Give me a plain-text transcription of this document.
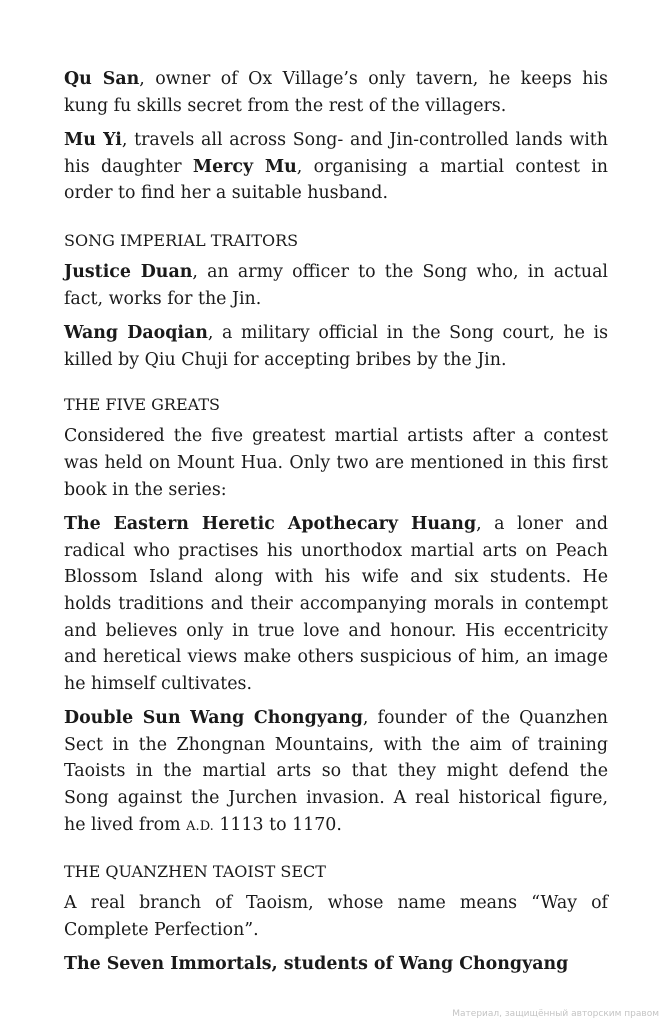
Qu San, owner of Ox Village’s only tavern, he keeps his kung fu skills secret from the rest of the villagers.

Mu Yi, travels all across Song- and Jin-controlled lands with his daughter Mercy Mu, organising a martial contest in order to find her a suitable husband.

SONG IMPERIAL TRAITORS

Justice Duan, an army officer to the Song who, in actual fact, works for the Jin.

Wang Daoqian, a military official in the Song court, he is killed by Qiu Chuji for accepting bribes by the Jin.

THE FIVE GREATS

Considered the five greatest martial artists after a contest was held on Mount Hua. Only two are mentioned in this first book in the series:

The Eastern Heretic Apothecary Huang, a loner and radical who practises his unorthodox martial arts on Peach Blossom Island along with his wife and six students. He holds traditions and their accompanying morals in contempt and believes only in true love and honour. His eccentricity and heretical views make others suspicious of him, an image he himself cultivates.

Double Sun Wang Chongyang, founder of the Quanzhen Sect in the Zhongnan Mountains, with the aim of training Taoists in the martial arts so that they might defend the Song against the Jurchen invasion. A real historical figure, he lived from A.D. 1113 to 1170.

THE QUANZHEN TAOIST SECT

A real branch of Taoism, whose name means “Way of Complete Perfection”.

The Seven Immortals, students of Wang Chongyang

Материал, защищённый авторским правом
